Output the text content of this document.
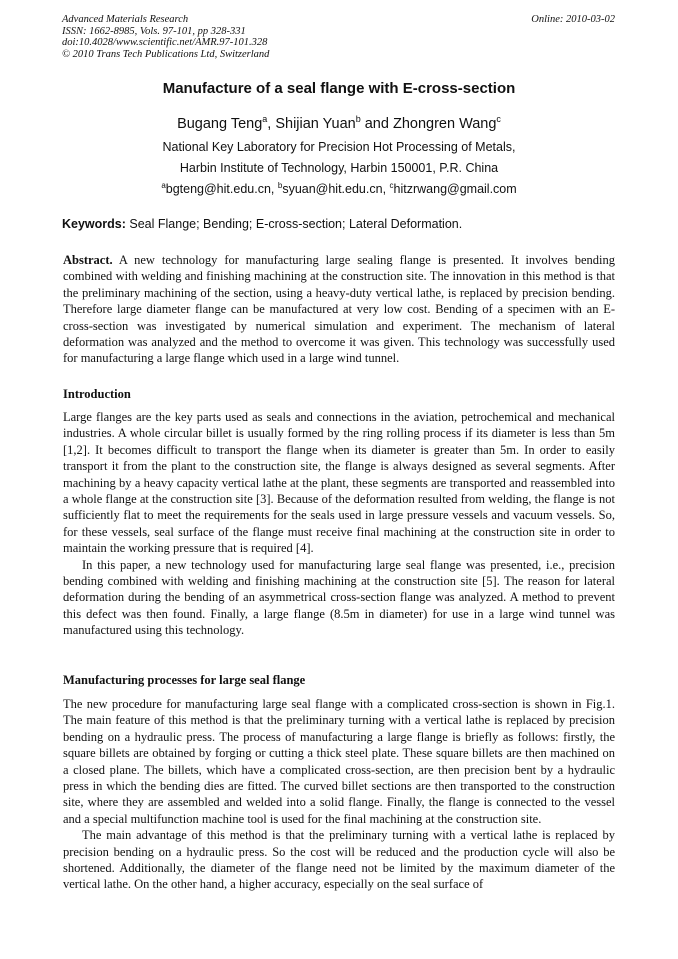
Advanced Materials Research
ISSN: 1662-8985, Vols. 97-101, pp 328-331
doi:10.4028/www.scientific.net/AMR.97-101.328
© 2010 Trans Tech Publications Ltd, Switzerland
Online: 2010-03-02
Manufacture of a seal flange with E-cross-section
Bugang Teng$^a$, Shijian Yuan$^b$ and Zhongren Wang$^c$
National Key Laboratory for Precision Hot Processing of Metals,
Harbin Institute of Technology, Harbin 150001, P.R. China
$^a$bgteng@hit.edu.cn, $^b$syuan@hit.edu.cn, $^c$hitzrwang@gmail.com
Keywords: Seal Flange; Bending; E-cross-section; Lateral Deformation.

Abstract. A new technology for manufacturing large sealing flange is presented. It involves bending combined with welding and finishing machining at the construction site. The innovation in this method is that the preliminary machining of the section, using a heavy-duty vertical lathe, is replaced by precision bending. Therefore large diameter flange can be manufactured at very low cost. Bending of a specimen with an E-cross-section was investigated by numerical simulation and experiment. The mechanism of lateral deformation was analyzed and the method to overcome it was given. This technology was successfully used for manufacturing a large flange which used in a large wind tunnel.

Introduction

Large flanges are the key parts used as seals and connections in the aviation, petrochemical and mechanical industries. A whole circular billet is usually formed by the ring rolling process if its diameter is less than 5m [1,2]. It becomes difficult to transport the flange when its diameter is greater than 5m. In order to easily transport it from the plant to the construction site, the flange is always designed as several segments. After machining by a heavy capacity vertical lathe at the plant, these segments are transported and reassembled into a whole flange at the construction site [3]. Because of the deformation resulted from welding, the flange is not sufficiently flat to meet the requirements for the seals used in large pressure vessels and vacuum vessels. So, for these vessels, seal surface of the flange must receive final machining at the construction site in order to maintain the working pressure that is required [4].

In this paper, a new technology used for manufacturing large seal flange was presented, i.e., precision bending combined with welding and finishing machining at the construction site [5]. The reason for lateral deformation during the bending of an asymmetrical cross-section flange was analyzed. A method to prevent this defect was then found. Finally, a large flange (8.5m in diameter) for use in a large wind tunnel was manufactured using this technology.

Manufacturing processes for large seal flange

The new procedure for manufacturing large seal flange with a complicated cross-section is shown in Fig.1. The main feature of this method is that the preliminary turning with a vertical lathe is replaced by precision bending on a hydraulic press. The process of manufacturing a large flange is briefly as follows: firstly, the square billets are obtained by forging or cutting a thick steel plate. These square billets are then machined on a closed plane. The billets, which have a complicated cross-section, are then precision bent by a hydraulic press in which the bending dies are fitted. The curved billet sections are then transported to the construction site, where they are assembled and welded into a solid flange. Finally, the flange is connected to the vessel and a special multifunction machine tool is used for the final machining at the construction site.

The main advantage of this method is that the preliminary turning with a vertical lathe is replaced by precision bending on a hydraulic press. So the cost will be reduced and the production cycle will also be shortened. Additionally, the diameter of the flange need not be limited by the maximum diameter of the vertical lathe. On the other hand, a higher accuracy, especially on the seal surface of
